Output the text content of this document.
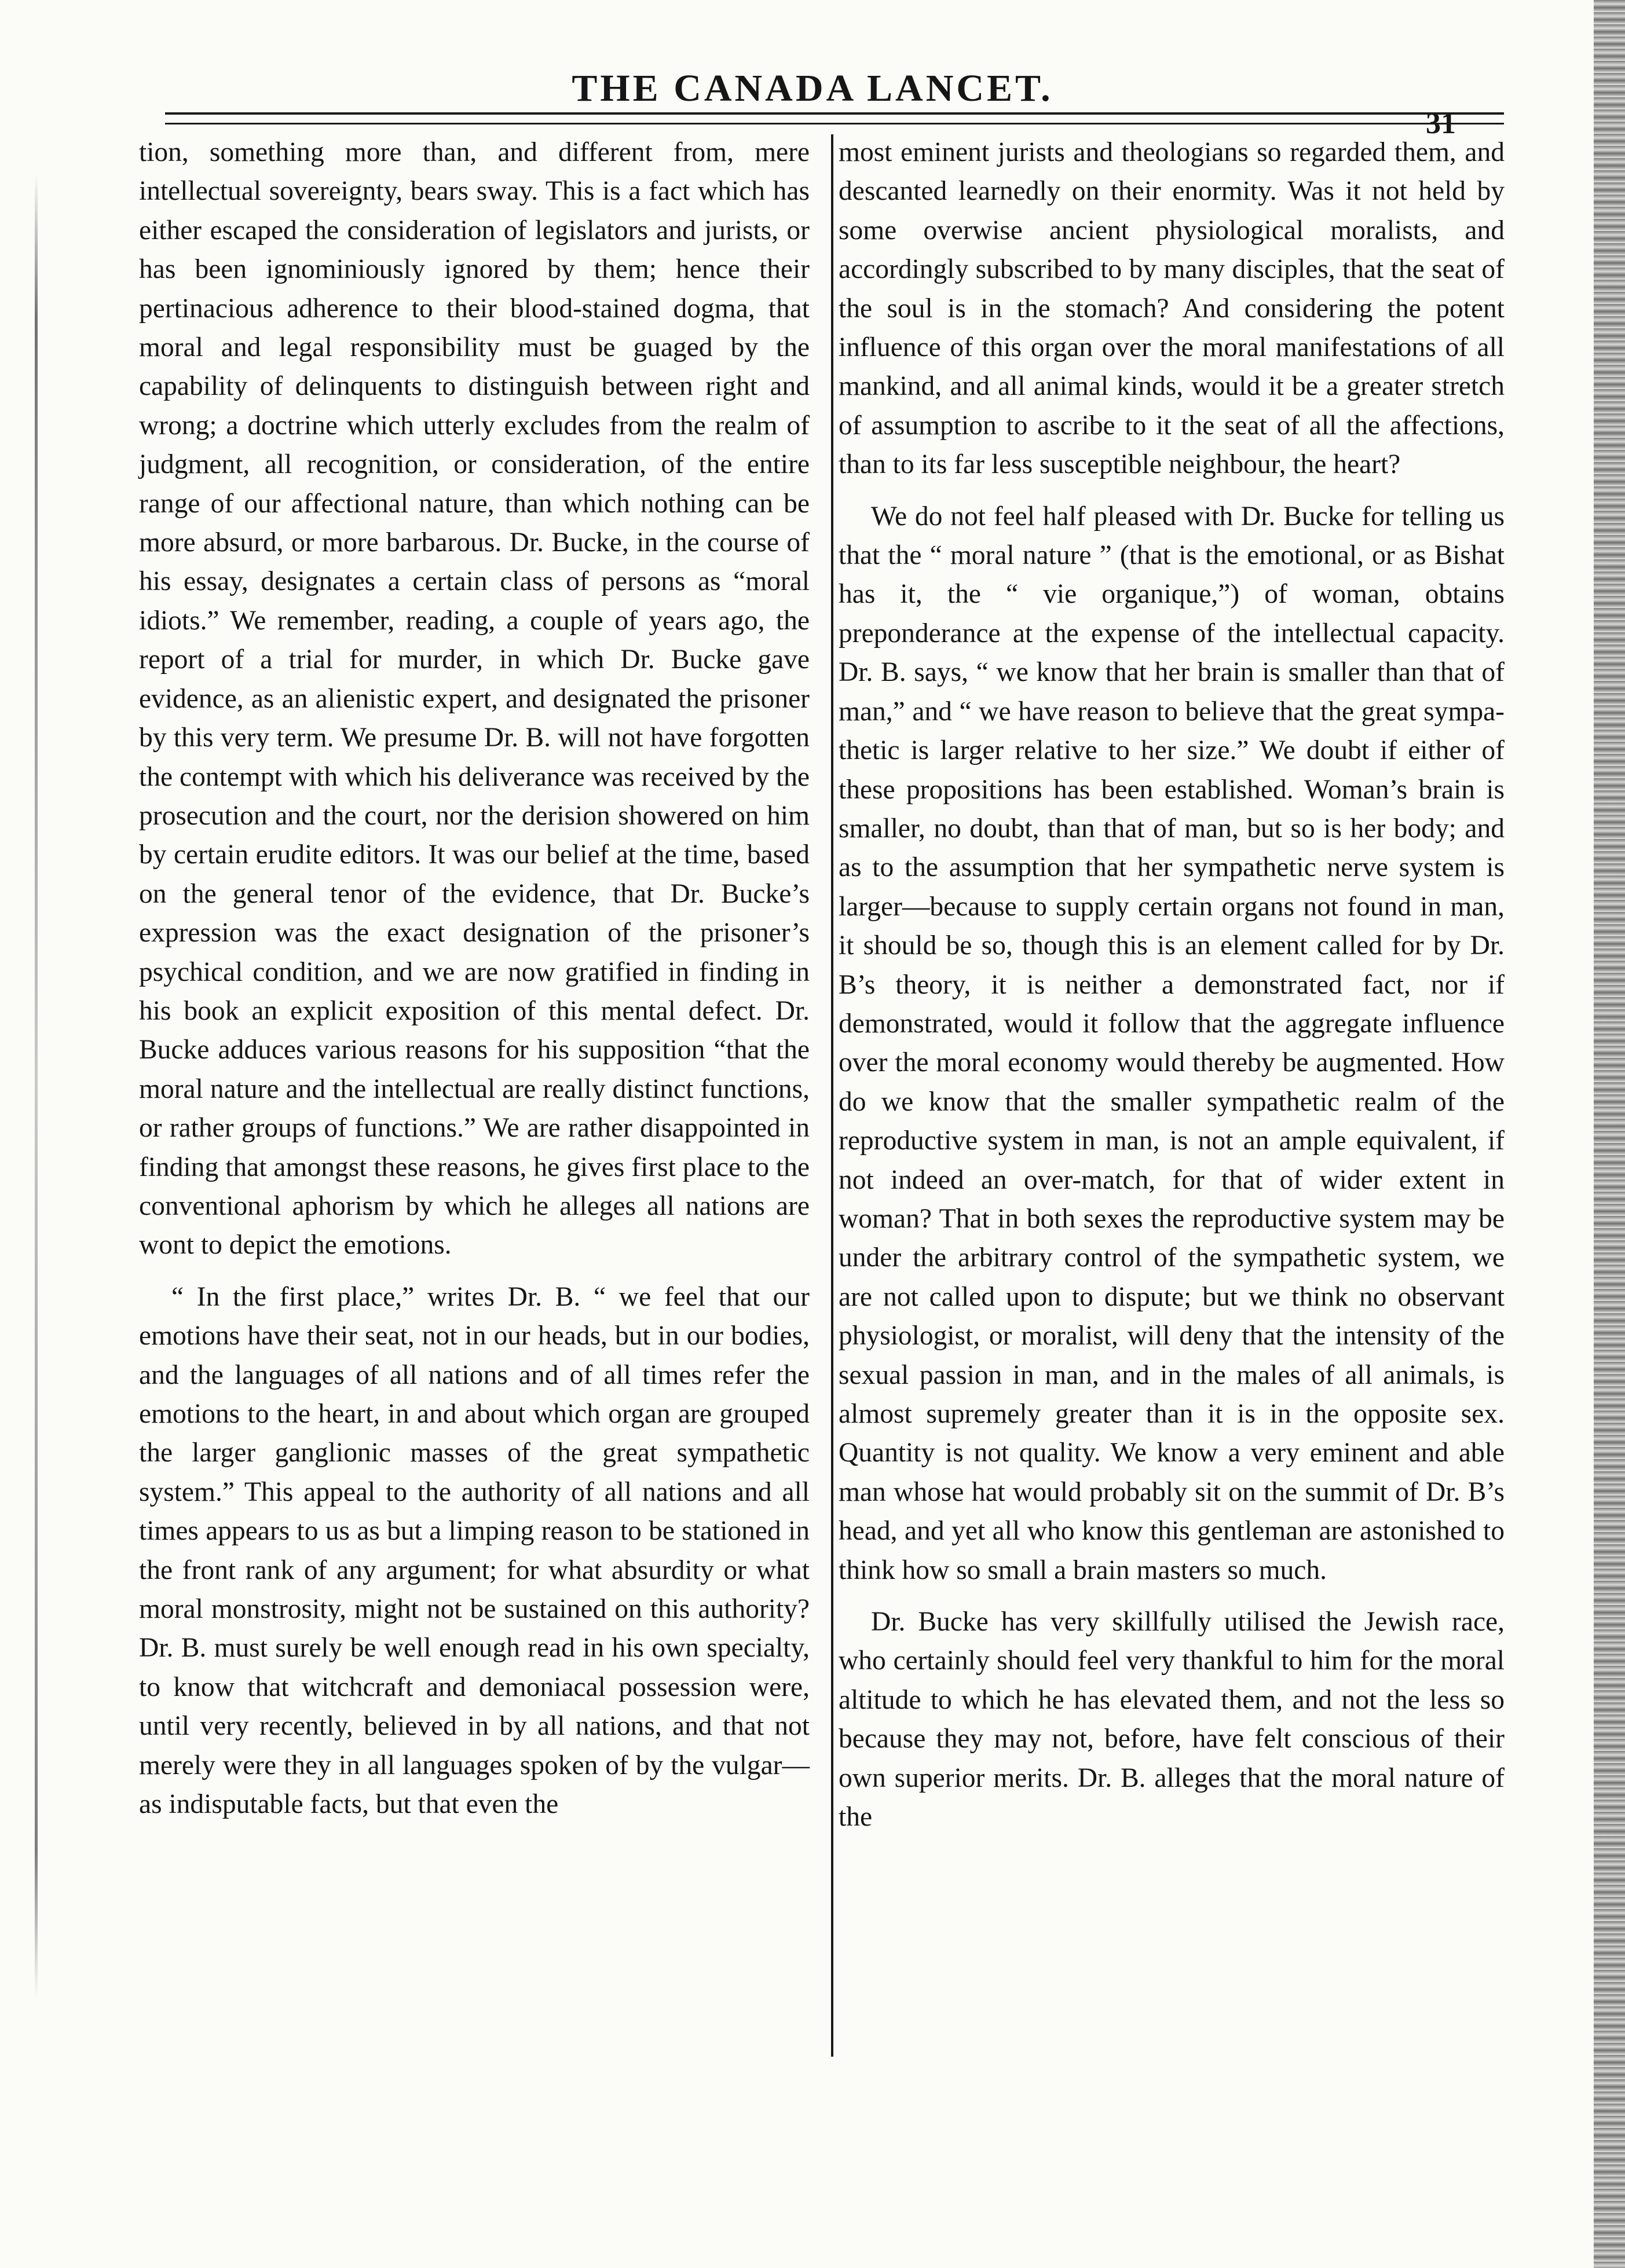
THE CANADA LANCET.
31

tion, something more than, and different from, mere intellectual sovereignty, bears sway. This is a fact which has either escaped the consideration of legislators and jurists, or has been ignominiously ignored by them; hence their pertinacious adherence to their blood-stained dogma, that moral and legal responsibility must be guaged by the capability of delinquents to distinguish between right and wrong; a doctrine which utterly excludes from the realm of judgment, all recognition, or consideration, of the entire range of our affectional nature, than which nothing can be more absurd, or more barbarous. Dr. Bucke, in the course of his essay, designates a certain class of persons as “moral idiots.” We remember, reading, a couple of years ago, the report of a trial for murder, in which Dr. Bucke gave evidence, as an alienistic expert, and designated the prisoner by this very term. We presume Dr. B. will not have forgotten the contempt with which his deliverance was received by the prosecution and the court, nor the derision showered on him by certain erudite editors. It was our belief at the time, based on the general tenor of the evidence, that Dr. Bucke’s expression was the exact designation of the prisoner’s psychical condition, and we are now gratified in finding in his book an explicit exposition of this mental defect. Dr. Bucke adduces various reasons for his supposition “that the moral nature and the intellectual are really distinct functions, or rather groups of functions.” We are rather disappointed in finding that amongst these reasons, he gives first place to the conventional aphorism by which he alleges all nations are wont to depict the emotions.

“ In the first place,” writes Dr. B. “ we feel that our emotions have their seat, not in our heads, but in our bodies, and the languages of all nations and of all times refer the emotions to the heart, in and about which organ are grouped the larger ganglionic masses of the great sympathetic system.” This appeal to the authority of all nations and all times appears to us as but a limping reason to be stationed in the front rank of any argument; for what absurdity or what moral monstrosity, might not be sustained on this authority? Dr. B. must surely be well enough read in his own specialty, to know that witchcraft and demoniacal possession were, until very recently, believed in by all nations, and that not merely were they in all languages spoken of by the vulgar—as indisputable facts, but that even the

most eminent jurists and theologians so regarded them, and descanted learnedly on their enormity. Was it not held by some overwise ancient physiological moralists, and accordingly subscribed to by many disciples, that the seat of the soul is in the stomach? And considering the potent influence of this organ over the moral manifestations of all mankind, and all animal kinds, would it be a greater stretch of assumption to ascribe to it the seat of all the affections, than to its far less susceptible neighbour, the heart?

We do not feel half pleased with Dr. Bucke for telling us that the “ moral nature ” (that is the emotional, or as Bishat has it, the “ vie organique,”) of woman, obtains preponderance at the expense of the intellectual capacity. Dr. B. says, “ we know that her brain is smaller than that of man,” and “ we have reason to believe that the great sympathetic is larger relative to her size.” We doubt if either of these propositions has been established. Woman’s brain is smaller, no doubt, than that of man, but so is her body; and as to the assumption that her sympathetic nerve system is larger—because to supply certain organs not found in man, it should be so, though this is an element called for by Dr. B’s theory, it is neither a demonstrated fact, nor if demonstrated, would it follow that the aggregate influence over the moral economy would thereby be augmented. How do we know that the smaller sympathetic realm of the reproductive system in man, is not an ample equivalent, if not indeed an over-match, for that of wider extent in woman? That in both sexes the reproductive system may be under the arbitrary control of the sympathetic system, we are not called upon to dispute; but we think no observant physiologist, or moralist, will deny that the intensity of the sexual passion in man, and in the males of all animals, is almost supremely greater than it is in the opposite sex. Quantity is not quality. We know a very eminent and able man whose hat would probably sit on the summit of Dr. B’s head, and yet all who know this gentleman are astonished to think how so small a brain masters so much.

Dr. Bucke has very skillfully utilised the Jewish race, who certainly should feel very thankful to him for the moral altitude to which he has elevated them, and not the less so because they may not, before, have felt conscious of their own superior merits. Dr. B. alleges that the moral nature of the
